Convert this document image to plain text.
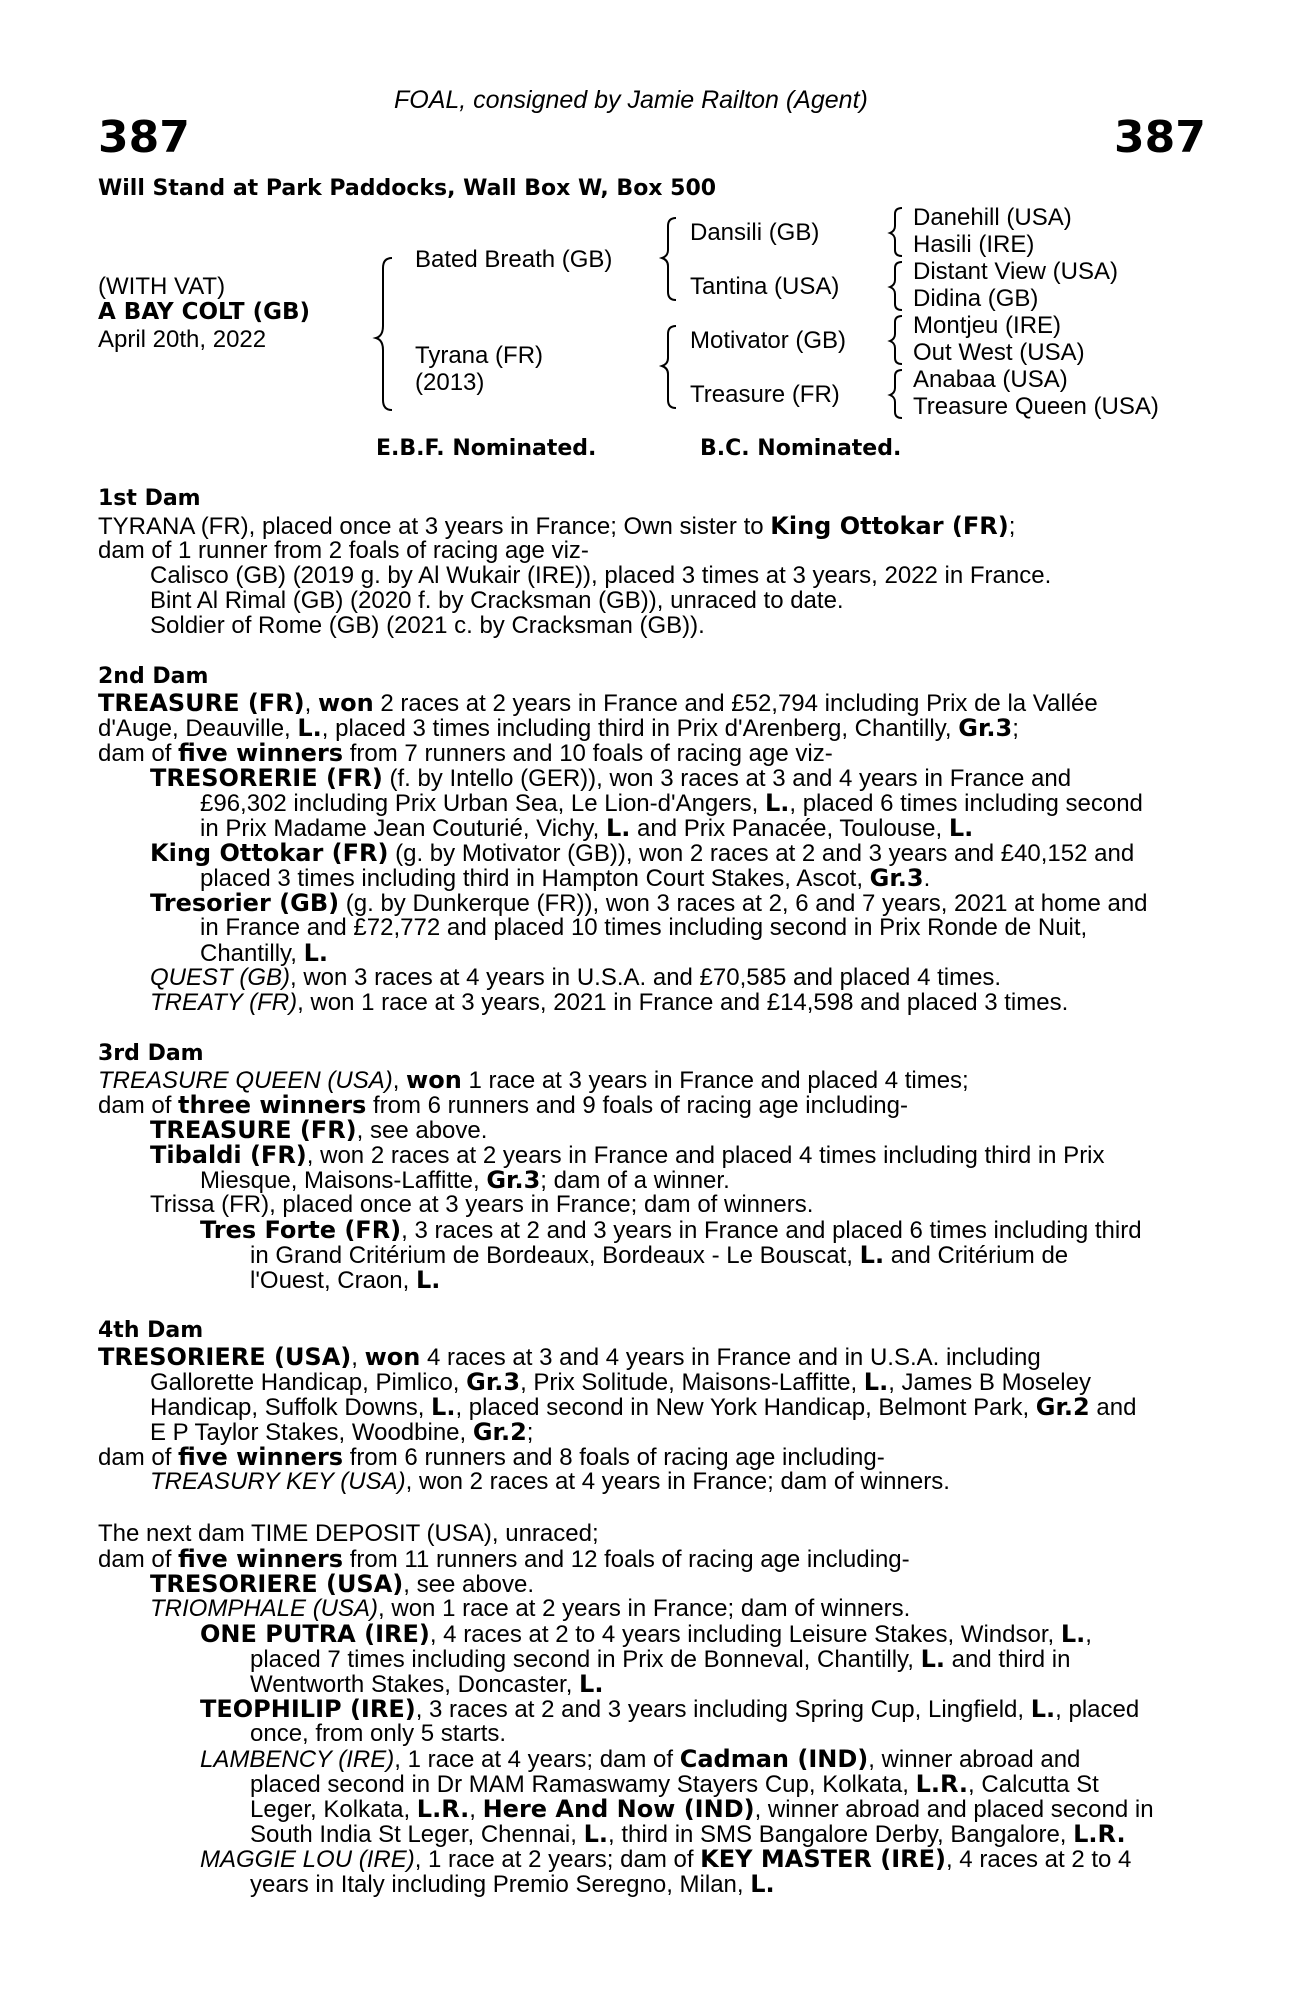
FOAL, consigned by Jamie Railton (Agent)
387	387
Will Stand at Park Paddocks, Wall Box W, Box 500
(WITH VAT)
A BAY COLT (GB)
April 20th, 2022
Bated Breath (GB)
Tyrana (FR)
(2013)
Dansili (GB)
Tantina (USA)
Motivator (GB)
Treasure (FR)
Danehill (USA)
Hasili (IRE)
Distant View (USA)
Didina (GB)
Montjeu (IRE)
Out West (USA)
Anabaa (USA)
Treasure Queen (USA)
E.B.F. Nominated.	B.C. Nominated.
1st Dam
TYRANA (FR), placed once at 3 years in France; Own sister to King Ottokar (FR);
dam of 1 runner from 2 foals of racing age viz-
Calisco (GB) (2019 g. by Al Wukair (IRE)), placed 3 times at 3 years, 2022 in France.
Bint Al Rimal (GB) (2020 f. by Cracksman (GB)), unraced to date.
Soldier of Rome (GB) (2021 c. by Cracksman (GB)).
2nd Dam
TREASURE (FR), won 2 races at 2 years in France and £52,794 including Prix de la Vallée
d'Auge, Deauville, L., placed 3 times including third in Prix d'Arenberg, Chantilly, Gr.3;
dam of five winners from 7 runners and 10 foals of racing age viz-
TRESORERIE (FR) (f. by Intello (GER)), won 3 races at 3 and 4 years in France and
£96,302 including Prix Urban Sea, Le Lion-d'Angers, L., placed 6 times including second
in Prix Madame Jean Couturié, Vichy, L. and Prix Panacée, Toulouse, L.
King Ottokar (FR) (g. by Motivator (GB)), won 2 races at 2 and 3 years and £40,152 and
placed 3 times including third in Hampton Court Stakes, Ascot, Gr.3.
Tresorier (GB) (g. by Dunkerque (FR)), won 3 races at 2, 6 and 7 years, 2021 at home and
in France and £72,772 and placed 10 times including second in Prix Ronde de Nuit,
Chantilly, L.
QUEST (GB), won 3 races at 4 years in U.S.A. and £70,585 and placed 4 times.
TREATY (FR), won 1 race at 3 years, 2021 in France and £14,598 and placed 3 times.
3rd Dam
TREASURE QUEEN (USA), won 1 race at 3 years in France and placed 4 times;
dam of three winners from 6 runners and 9 foals of racing age including-
TREASURE (FR), see above.
Tibaldi (FR), won 2 races at 2 years in France and placed 4 times including third in Prix
Miesque, Maisons-Laffitte, Gr.3; dam of a winner.
Trissa (FR), placed once at 3 years in France; dam of winners.
Tres Forte (FR), 3 races at 2 and 3 years in France and placed 6 times including third
in Grand Critérium de Bordeaux, Bordeaux - Le Bouscat, L. and Critérium de
l'Ouest, Craon, L.
4th Dam
TRESORIERE (USA), won 4 races at 3 and 4 years in France and in U.S.A. including
Gallorette Handicap, Pimlico, Gr.3, Prix Solitude, Maisons-Laffitte, L., James B Moseley
Handicap, Suffolk Downs, L., placed second in New York Handicap, Belmont Park, Gr.2 and
E P Taylor Stakes, Woodbine, Gr.2;
dam of five winners from 6 runners and 8 foals of racing age including-
TREASURY KEY (USA), won 2 races at 4 years in France; dam of winners.
The next dam TIME DEPOSIT (USA), unraced;
dam of five winners from 11 runners and 12 foals of racing age including-
TRESORIERE (USA), see above.
TRIOMPHALE (USA), won 1 race at 2 years in France; dam of winners.
ONE PUTRA (IRE), 4 races at 2 to 4 years including Leisure Stakes, Windsor, L.,
placed 7 times including second in Prix de Bonneval, Chantilly, L. and third in
Wentworth Stakes, Doncaster, L.
TEOPHILIP (IRE), 3 races at 2 and 3 years including Spring Cup, Lingfield, L., placed
once, from only 5 starts.
LAMBENCY (IRE), 1 race at 4 years; dam of Cadman (IND), winner abroad and
placed second in Dr MAM Ramaswamy Stayers Cup, Kolkata, L.R., Calcutta St
Leger, Kolkata, L.R., Here And Now (IND), winner abroad and placed second in
South India St Leger, Chennai, L., third in SMS Bangalore Derby, Bangalore, L.R.
MAGGIE LOU (IRE), 1 race at 2 years; dam of KEY MASTER (IRE), 4 races at 2 to 4
years in Italy including Premio Seregno, Milan, L.
